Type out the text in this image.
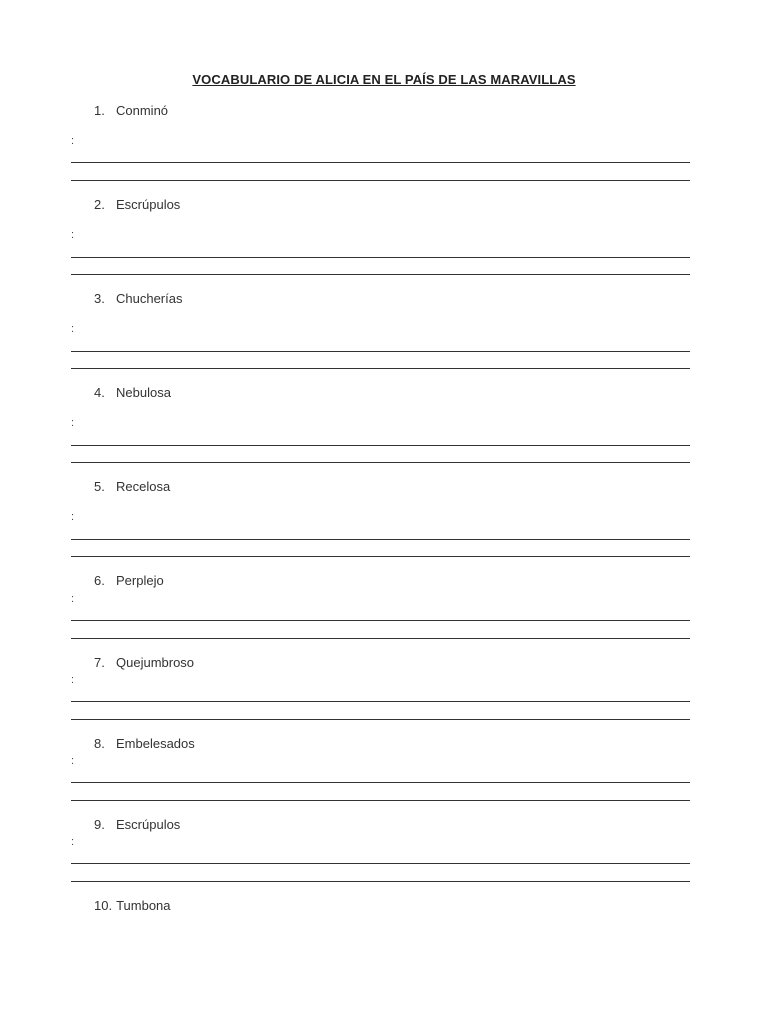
VOCABULARIO DE ALICIA EN EL PAÍS DE LAS MARAVILLAS
1. Conminó
:
2. Escrúpulos
:
3. Chucherías
:
4. Nebulosa
:
5. Recelosa
:
6. Perplejo
:
7. Quejumbroso
:
8. Embelesados
:
9. Escrúpulos
:
10. Tumbona
